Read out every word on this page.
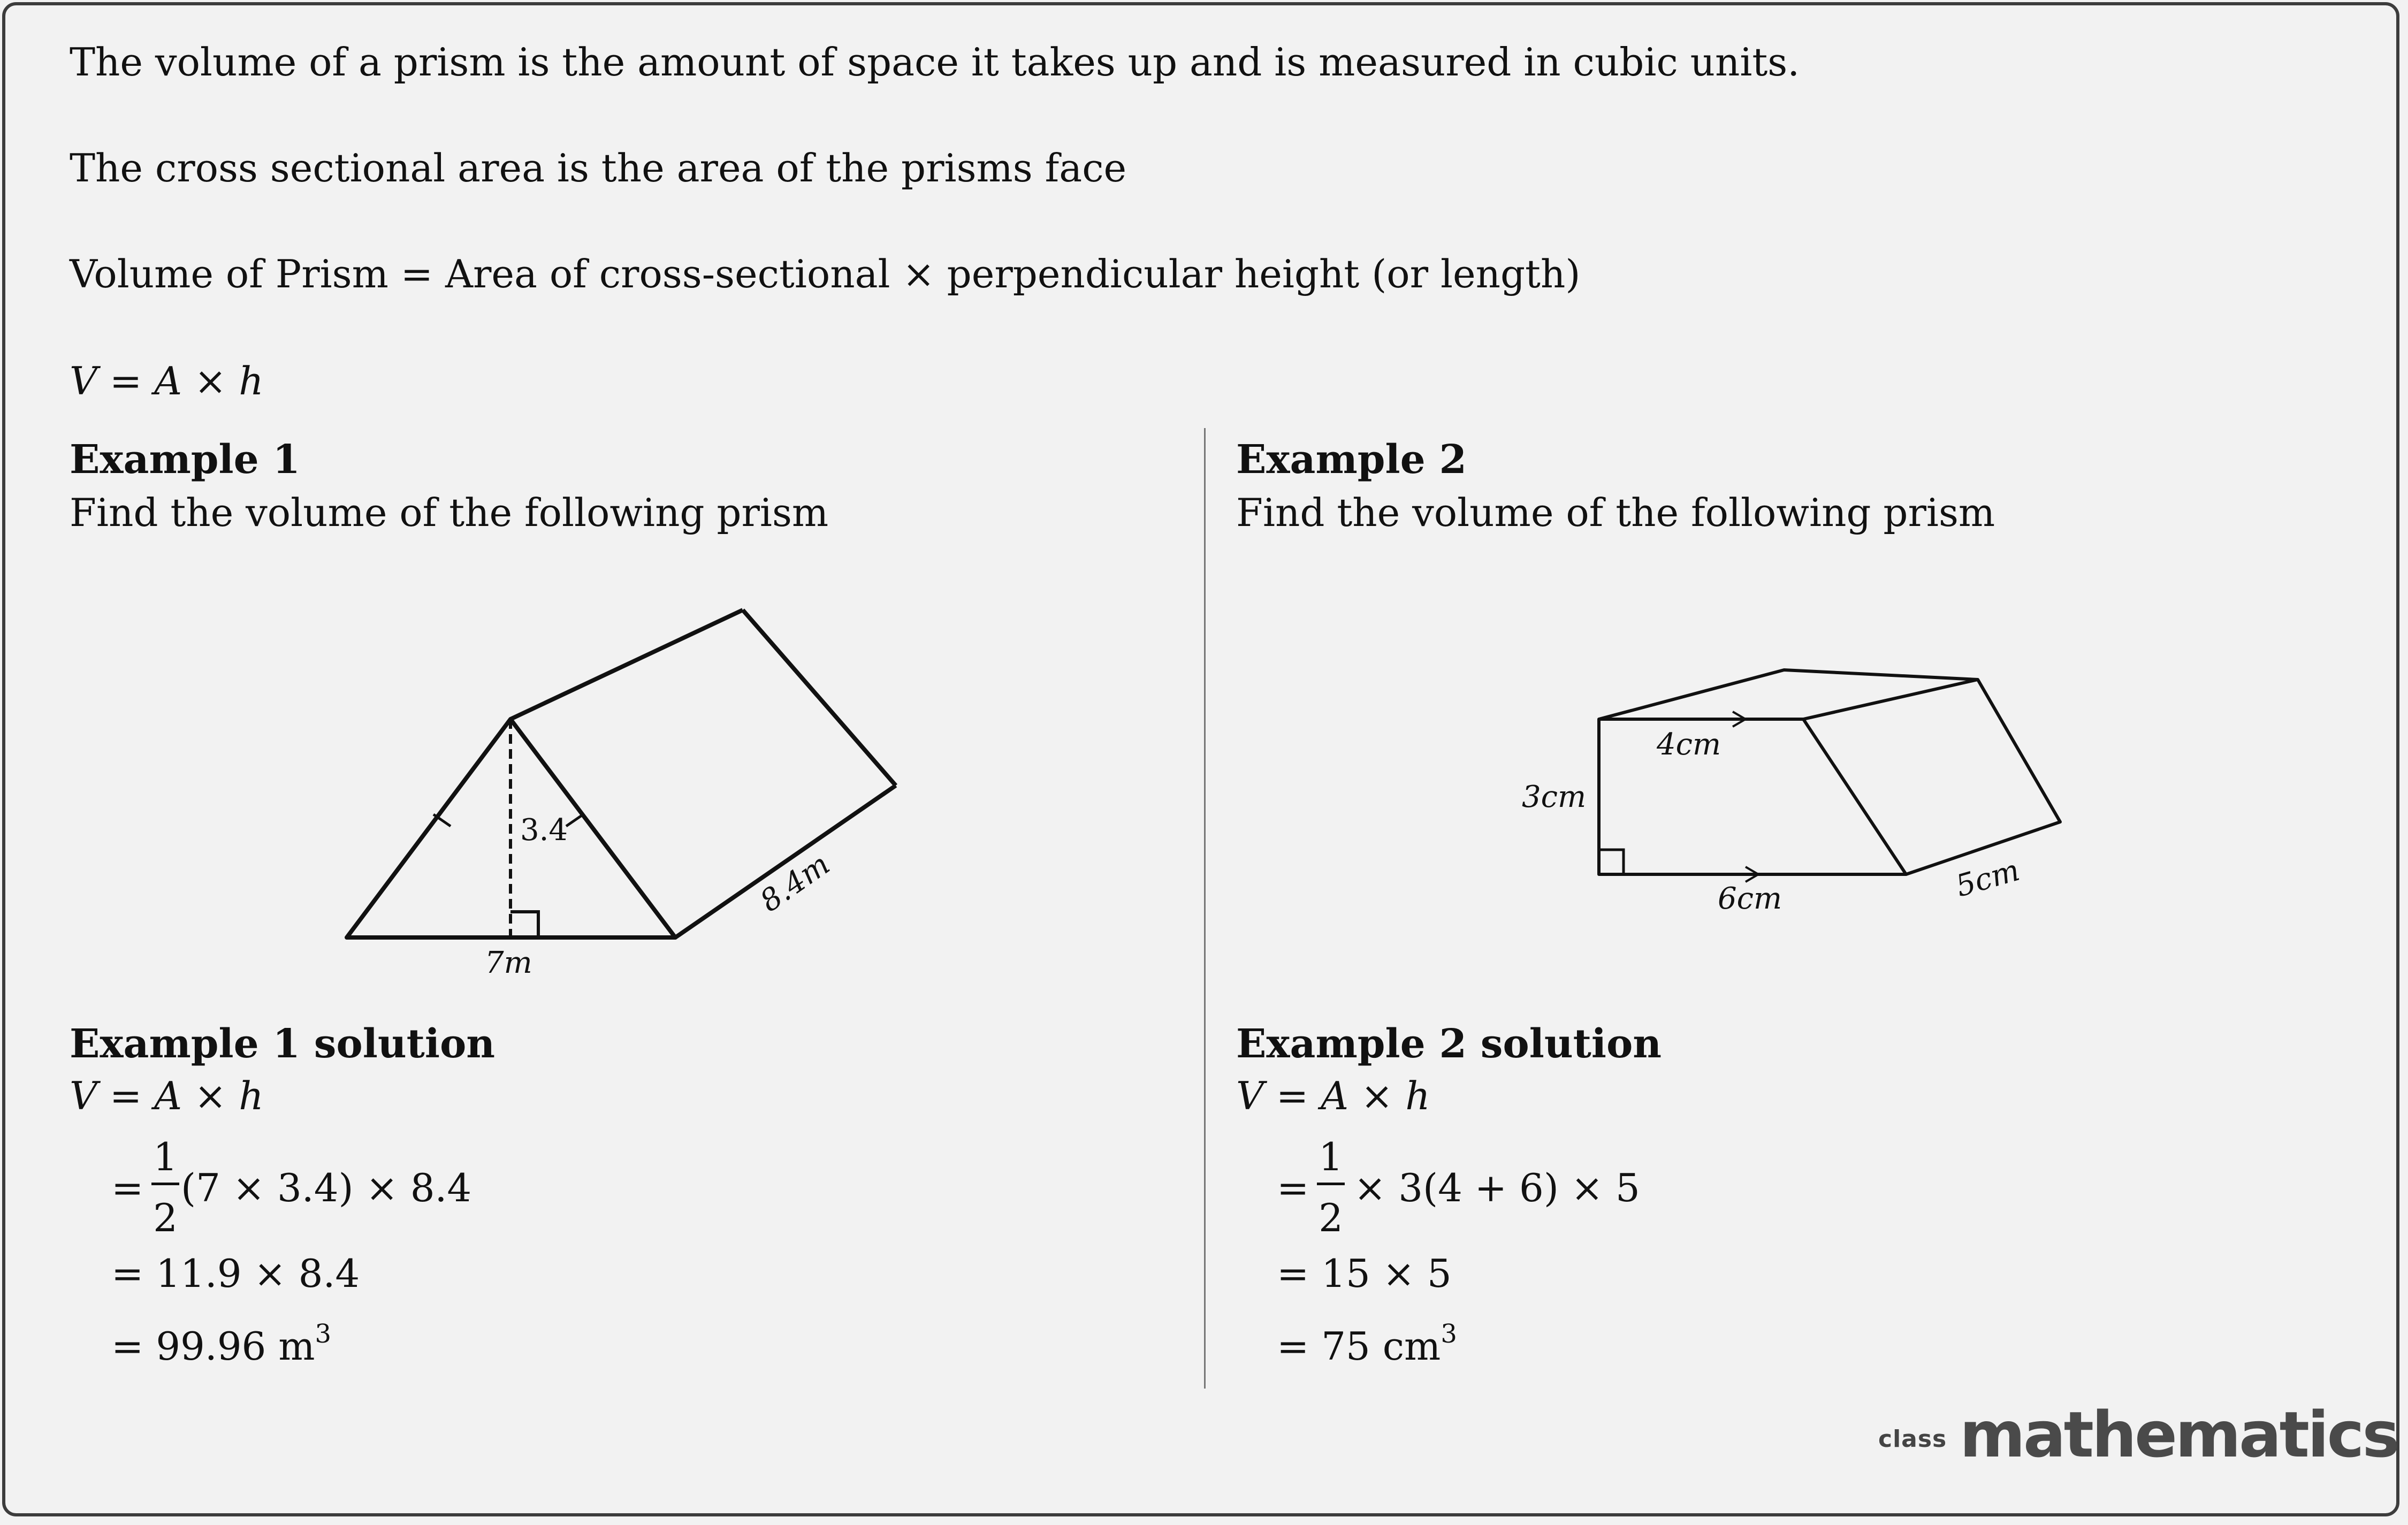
The volume of a prism is the amount of space it takes up and is measured in cubic units.
The cross sectional area is the area of the prisms face
Volume of Prism = Area of cross-sectional × perpendicular height (or length)
V = A × h
Example 1
Find the volume of the following prism
3.4
7m
8.4m
Example 1 solution
V = A × h
=
1
2
(7 × 3.4) × 8.4
= 11.9 × 8.4
= 99.96 $m^3$
Example 2
Find the volume of the following prism
4cm
3cm
6cm	5cm
Example 2 solution
V = A × h
=
1
2
× 3(4 + 6) × 5
= 15 × 5
= 75 $cm^3$
class mathematics
